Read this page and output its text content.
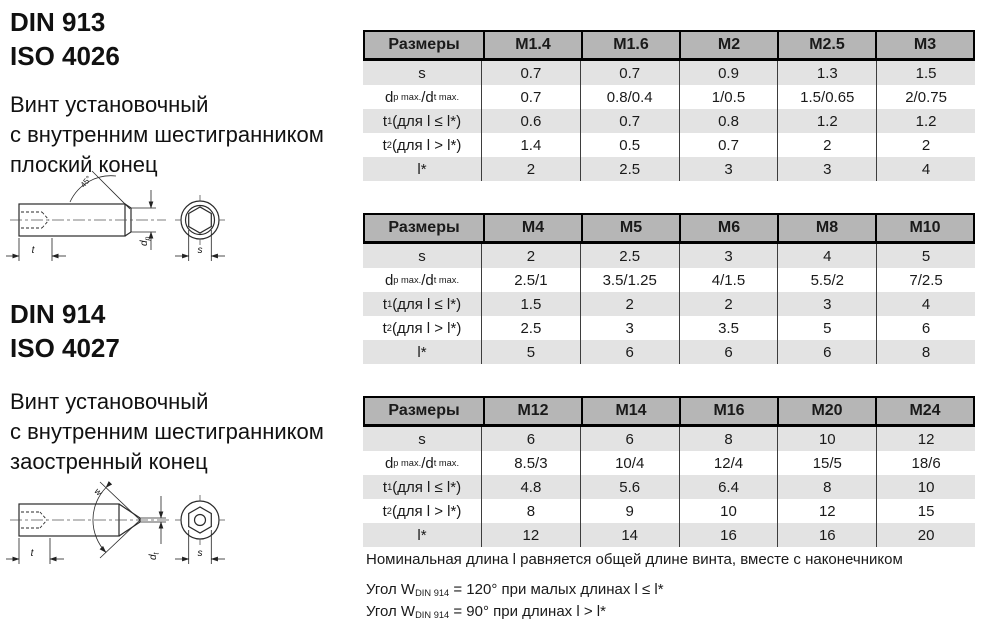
DIN 913
ISO 4026
Винт установочный
с внутренним шестигранником
плоский конец
45°
t
$d_p$
s
DIN 914
ISO 4027
Винт установочный
с внутренним шестигранником
заостренный конец
w
t	$d_t$	s
Размеры	M1.4	M1.6	M2	M2.5	M3
s	0.7	0.7	0.9	1.3	1.5
d p max. /d t max.	0.7	0.8/0.4	1/0.5	1.5/0.65	2/0.75
t 1 (для l ≤ l*)	0.6	0.7	0.8	1.2	1.2
t 2 (для l > l*)	1.4	0.5	0.7	2	2
l*	2	2.5	3	3	4
Размеры	M4	M5	M6	M8	M10
s	2	2.5	3	4	5
d p max. /d t max.	2.5/1	3.5/1.25	4/1.5	5.5/2	7/2.5
t 1 (для l ≤ l*)	1.5	2	2	3	4
t 2 (для l > l*)	2.5	3	3.5	5	6
l*	5	6	6	6	8
Размеры	M12	M14	M16	M20	M24
s	6	6	8	10	12
d p max. /d t max.	8.5/3	10/4	12/4	15/5	18/6
t 1 (для l ≤ l*)	4.8	5.6	6.4	8	10
t 2 (для l > l*)	8	9	10	12	15
l*	12	14	16	16	20
Номинальная длина l равняется общей длине винта, вместе с наконечником
Угол $W_{DIN 914} = 120^\circ$ при малых длинах l ≤ l*
Угол $W_{DIN 914} = 90^\circ$ при длинах l > l*
